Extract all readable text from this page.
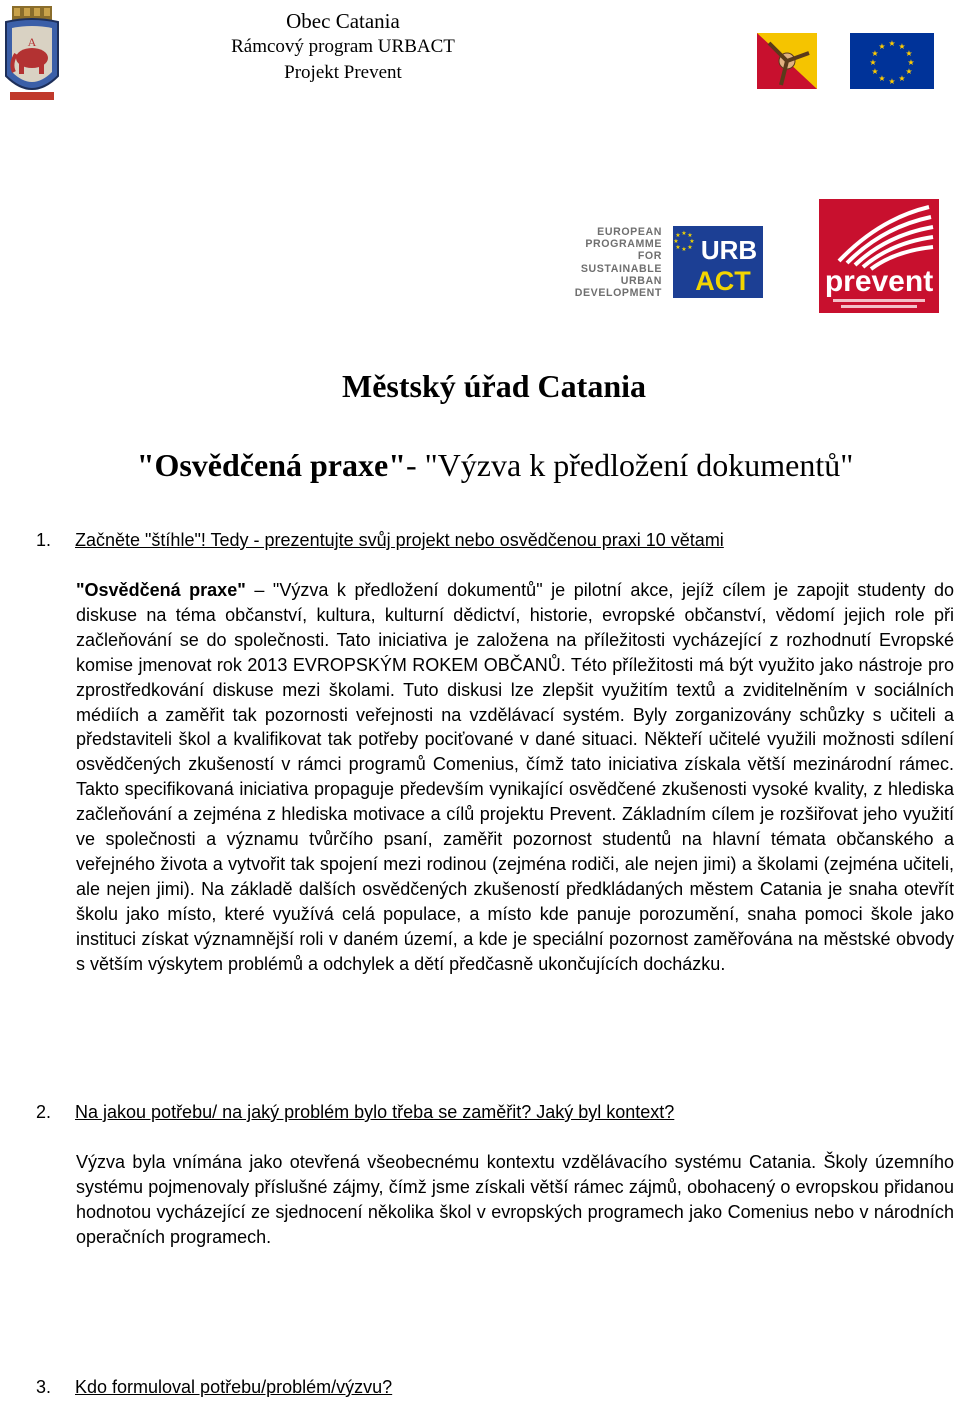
A
Obec Catania
Rámcový program URBACT
Projekt Prevent
★ ★
★
★
★
★
★
★
★
★
★
★
EUROPEAN
PROGRAMME
FOR
SUSTAINABLE
URBAN
DEVELOPMENT
★ ★
★
★ ★
★ ★
★ URB
ACT prevent
Městský úřad Catania
"Osvědčená praxe"- "Výzva k předložení dokumentů"
1. Začněte "štíhle"! Tedy - prezentujte svůj projekt nebo osvědčenou praxi 10 větami
"Osvědčená praxe" – "Výzva k předložení dokumentů" je pilotní akce, jejíž cílem je zapojit studenty do diskuse na téma občanství, kultura, kulturní dědictví, historie, evropské občanství, vědomí jejich role při začleňování se do společnosti. Tato iniciativa je založena na příležitosti vycházející z rozhodnutí Evropské komise jmenovat rok 2013 EVROPSKÝM ROKEM OBČANŮ. Této příležitosti má být využito jako nástroje pro zprostředkování diskuse mezi školami. Tuto diskusi lze zlepšit využitím textů a zviditelněním v sociálních médiích a zaměřit tak pozornosti veřejnosti na vzdělávací systém. Byly zorganizovány schůzky s učiteli a představiteli škol a kvalifikovat tak potřeby pociťované v dané situaci. Někteří učitelé využili možnosti sdílení osvědčených zkušeností v rámci programů Comenius, čímž tato iniciativa získala větší mezinárodní rámec. Takto specifikovaná iniciativa propaguje především vynikající osvědčené zkušenosti vysoké kvality, z hlediska začleňování a zejména z hlediska motivace a cílů projektu Prevent. Základním cílem je rozšiřovat jeho využití ve společnosti a významu tvůrčího psaní, zaměřit pozornost studentů na hlavní témata občanského a veřejného života a vytvořit tak spojení mezi rodinou (zejména rodiči, ale nejen jimi) a školami (zejména učiteli, ale nejen jimi). Na základě dalších osvědčených zkušeností předkládaných městem Catania je snaha otevřít školu jako místo, které využívá celá populace, a místo kde panuje porozumění, snaha pomoci škole jako instituci získat významnější roli v daném území, a kde je speciální pozornost zaměřována na městské obvody s větším výskytem problémů a odchylek a dětí předčasně ukončujících docházku.
2. Na jakou potřebu/ na jaký problém bylo třeba se zaměřit? Jaký byl kontext?
Výzva byla vnímána jako otevřená všeobecnému kontextu vzdělávacího systému Catania. Školy územního systému pojmenovaly příslušné zájmy, čímž jsme získali větší rámec zájmů, obohacený o evropskou přidanou hodnotou vycházející ze sjednocení několika škol v evropských programech jako Comenius nebo v národních operačních programech.
3. Kdo formuloval potřebu/problém/výzvu?
